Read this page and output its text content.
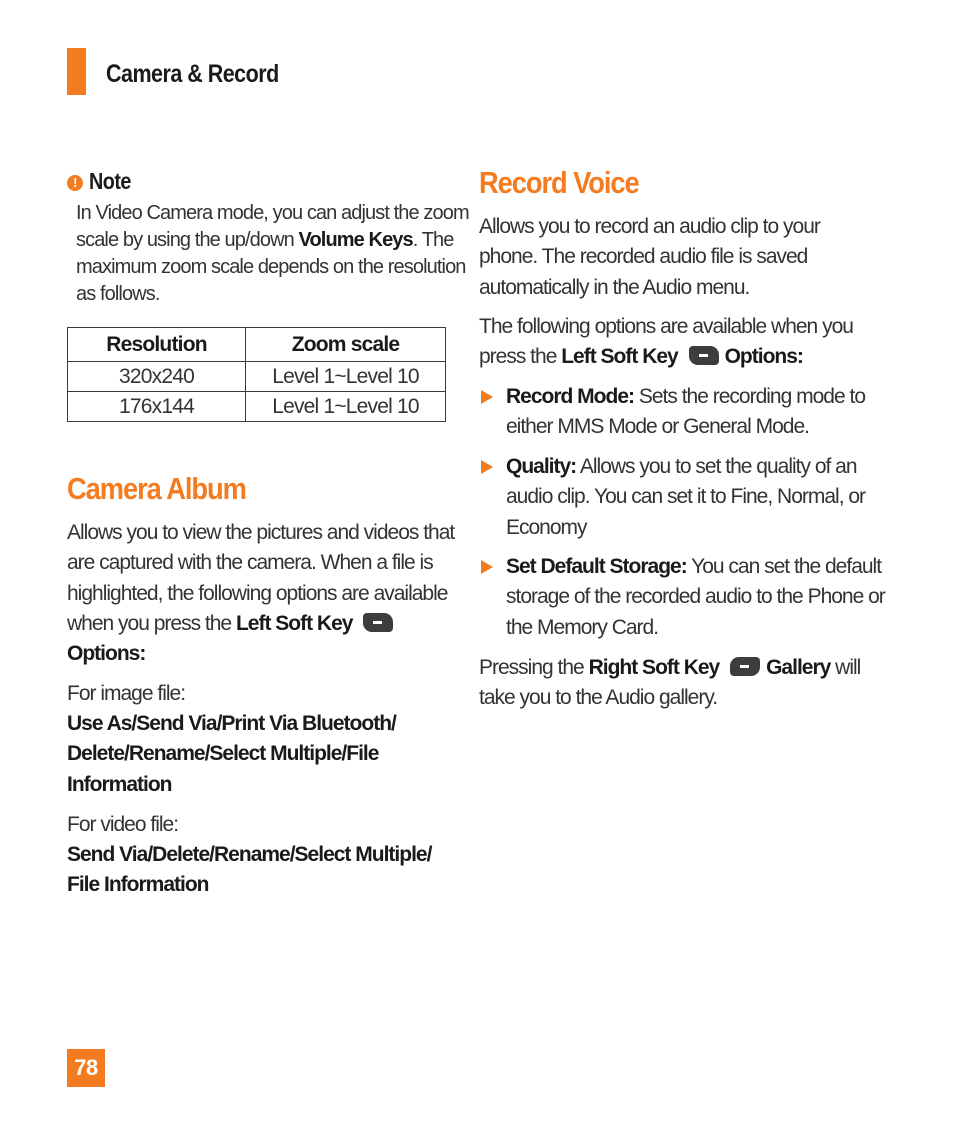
Camera & Record
! Note
In Video Camera mode, you can adjust the zoom scale by using the up/down Volume Keys. The maximum zoom scale depends on the resolution as follows.
Resolution	Zoom scale
320x240	Level 1~Level 10
176x144	Level 1~Level 10
Camera Album
Allows you to view the pictures and videos that are captured with the camera. When a file is highlighted, the following options are available when you press the Left Soft Key Options:
For image file:
Use As/Send Via/Print Via Bluetooth/ Delete/Rename/Select Multiple/File Information
For video file:
Send Via/Delete/Rename/Select Multiple/ File Information
Record Voice
Allows you to record an audio clip to your phone. The recorded audio file is saved automatically in the Audio menu.
The following options are available when you press the Left Soft Key Options:
Record Mode: Sets the recording mode to either MMS Mode or General Mode.
Quality: Allows you to set the quality of an audio clip. You can set it to Fine, Normal, or Economy
Set Default Storage: You can set the default storage of the recorded audio to the Phone or the Memory Card.
Pressing the Right Soft Key Gallery will take you to the Audio gallery.
78
